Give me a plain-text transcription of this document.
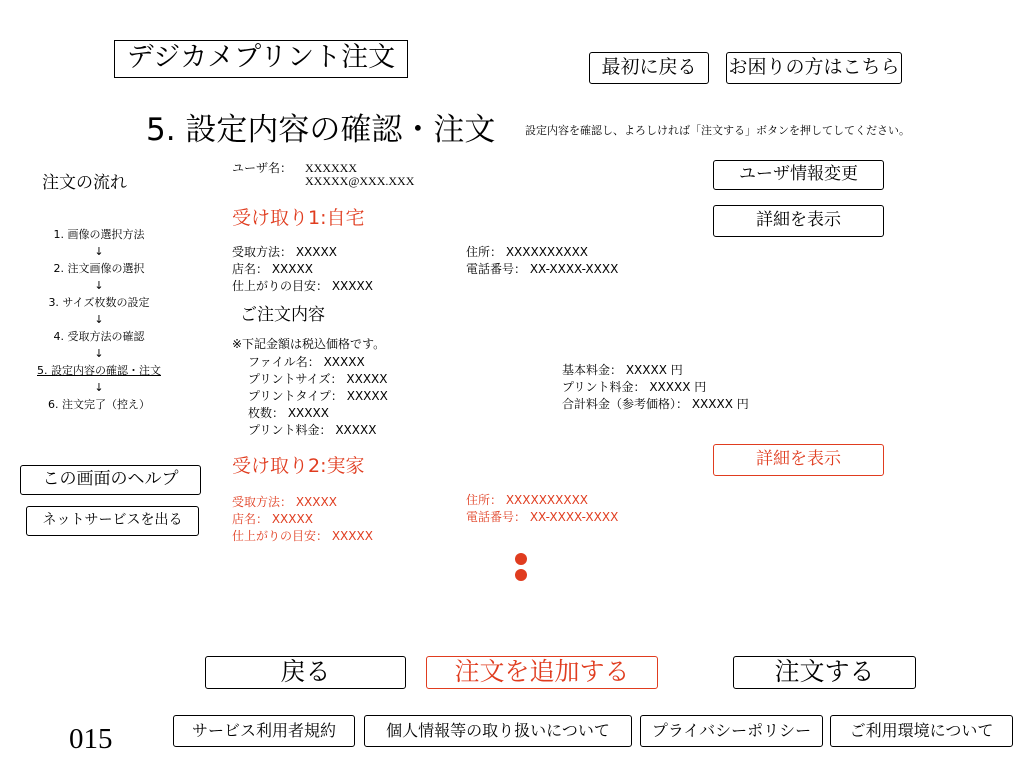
デジカメプリント注文	最初に戻る	お困りの方はこちら
5. 設定内容の確認・注文	設定内容を確認し、よろしければ「注文する」ボタンを押してしてください。
注文の流れ
1. 画像の選択方法
↓
2. 注文画像の選択
↓
3. サイズ枚数の設定
↓
4. 受取方法の確認
↓
5. 設定内容の確認・注文
↓
6. 注文完了（控え）
この画面のヘルプ
ネットサービスを出る
ユーザ名： XXXXXX
XXXXX@XXX.XXX	ユーザ情報変更
受け取り1:自宅	詳細を表示
受取方法： XXXXX
店名： XXXXX
仕上がりの目安： XXXXX
住所： XXXXXXXXXX
電話番号： XX-XXXX-XXXX
ご注文内容
※下記金額は税込価格です。
ファイル名： XXXXX
プリントサイズ： XXXXX
プリントタイプ： XXXXX
枚数： XXXXX
プリント料金： XXXXX
基本料金： XXXXX 円
プリント料金： XXXXX 円
合計料金（参考価格）： XXXXX 円
受け取り2:実家	詳細を表示
受取方法： XXXXX
店名： XXXXX
仕上がりの目安： XXXXX
住所： XXXXXXXXXX
電話番号： XX-XXXX-XXXX
戻る	注文を追加する	注文する
015	サービス利用者規約	個人情報等の取り扱いについて	プライバシーポリシー	ご利用環境について
